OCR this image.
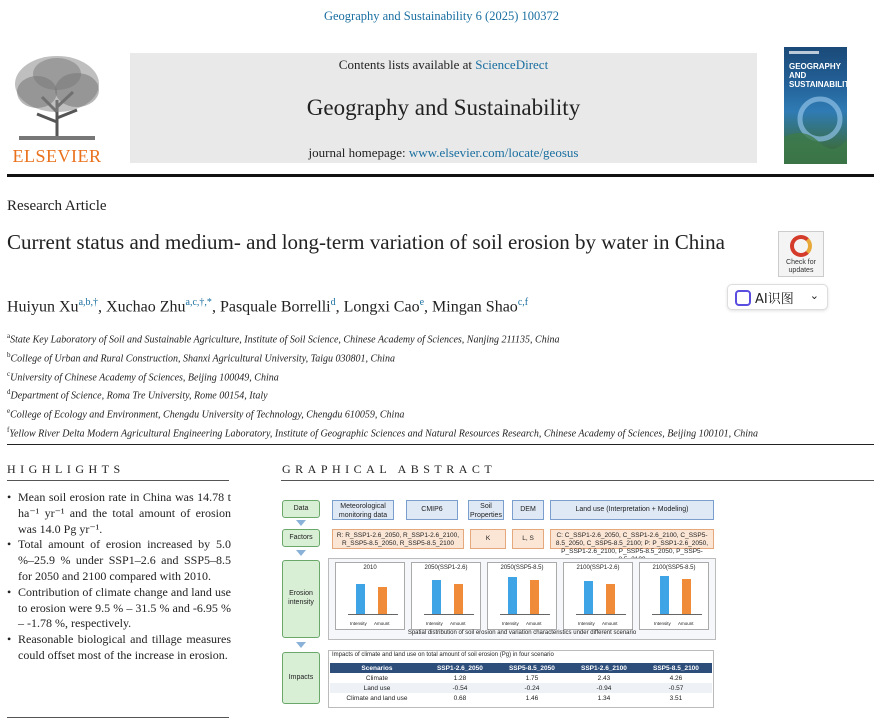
Geography and Sustainability 6 (2025) 100372
ELSEVIER
Contents lists available at ScienceDirect
Geography and Sustainability
journal homepage: www.elsevier.com/locate/geosus
GEOGRAPHY AND SUSTAINABILITY
Research Article
Current status and medium- and long-term variation of soil erosion by water in China
Check for updates
AI识图 ⌄
Huiyun $Xu^{a,b,\dagger}$, Xuchao Zhu$^{a,c,\dagger,*}$, Pasquale Borrelli$^d$, Longxi Cao$^e$, Mingan Shao$^{c,f}$
$^a$State Key Laboratory of Soil and Sustainable Agriculture, Institute of Soil Science, Chinese Academy of Sciences, Nanjing 211135, China
$^b$College of Urban and Rural Construction, Shanxi Agricultural University, Taigu 030801, China
$^c$University of Chinese Academy of Sciences, Beijing 100049, China
$^d$Department of Science, Roma Tre University, Rome 00154, Italy
$^e$College of Ecology and Environment, Chengdu University of Technology, Chengdu 610059, China
$^f$Yellow River Delta Modern Agricultural Engineering Laboratory, Institute of Geographic Sciences and Natural Resources Research, Chinese Academy of Sciences, Beijing 100101, China
HIGHLIGHTS
• Mean soil erosion rate in China was 14.78 t ha⁻¹ yr⁻¹ and the total amount of erosion was 14.0 Pg yr⁻¹.
• Total amount of erosion increased by 5.0 %–25.9 % under SSP1–2.6 and SSP5–8.5 for 2050 and 2100 compared with 2010.
• Contribution of climate change and land use to erosion were 9.5 % – 31.5 % and -6.95 % – -1.78 %, respectively.
• Reasonable biological and tillage measures could offset most of the increase in erosion.
GRAPHICAL ABSTRACT
Data
Factors
Erosion intensity
Impacts
Meteorological monitoring data
CMIP6	Soil Properties
DEM	Land use (Interpretation + Modeling)
R: R_SSP1-2.6_2050, R_SSP1-2.6_2100, R_SSP5-8.5_2050, R_SSP5-8.5_2100
K	L, S	C: C_SSP1-2.6_2050, C_SSP1-2.6_2100, C_SSP5-8.5_2050, C_SSP5-8.5_2100; P: P_SSP1-2.6_2050, P_SSP1-2.6_2100, P_SSP5-8.5_2050, P_SSP5-
2010
Intensity Amount
2050(SSP1-2.6)
Intensity Amount
2050(SSP5-8.5)
Intensity Amount
2100(SSP1-2.6)
Intensity Amount
2100(SSP5-8.5)
Intensity Amount
Spatial distribution of soil erosion and variation characteristics under different scenario
Impacts of climate and land use on total amount of soil erosion (Pg) in four scenario
Scenarios	SSP1-2.6_2050	SSP5-8.5_2050	SSP1-2.6_2100	SSP5-8.5_2100
Climate	1.28	1.75	2.43	4.26
Land use	-0.54	-0.24	-0.94	-0.57
Climate and land use	0.68	1.46	1.34	3.51
